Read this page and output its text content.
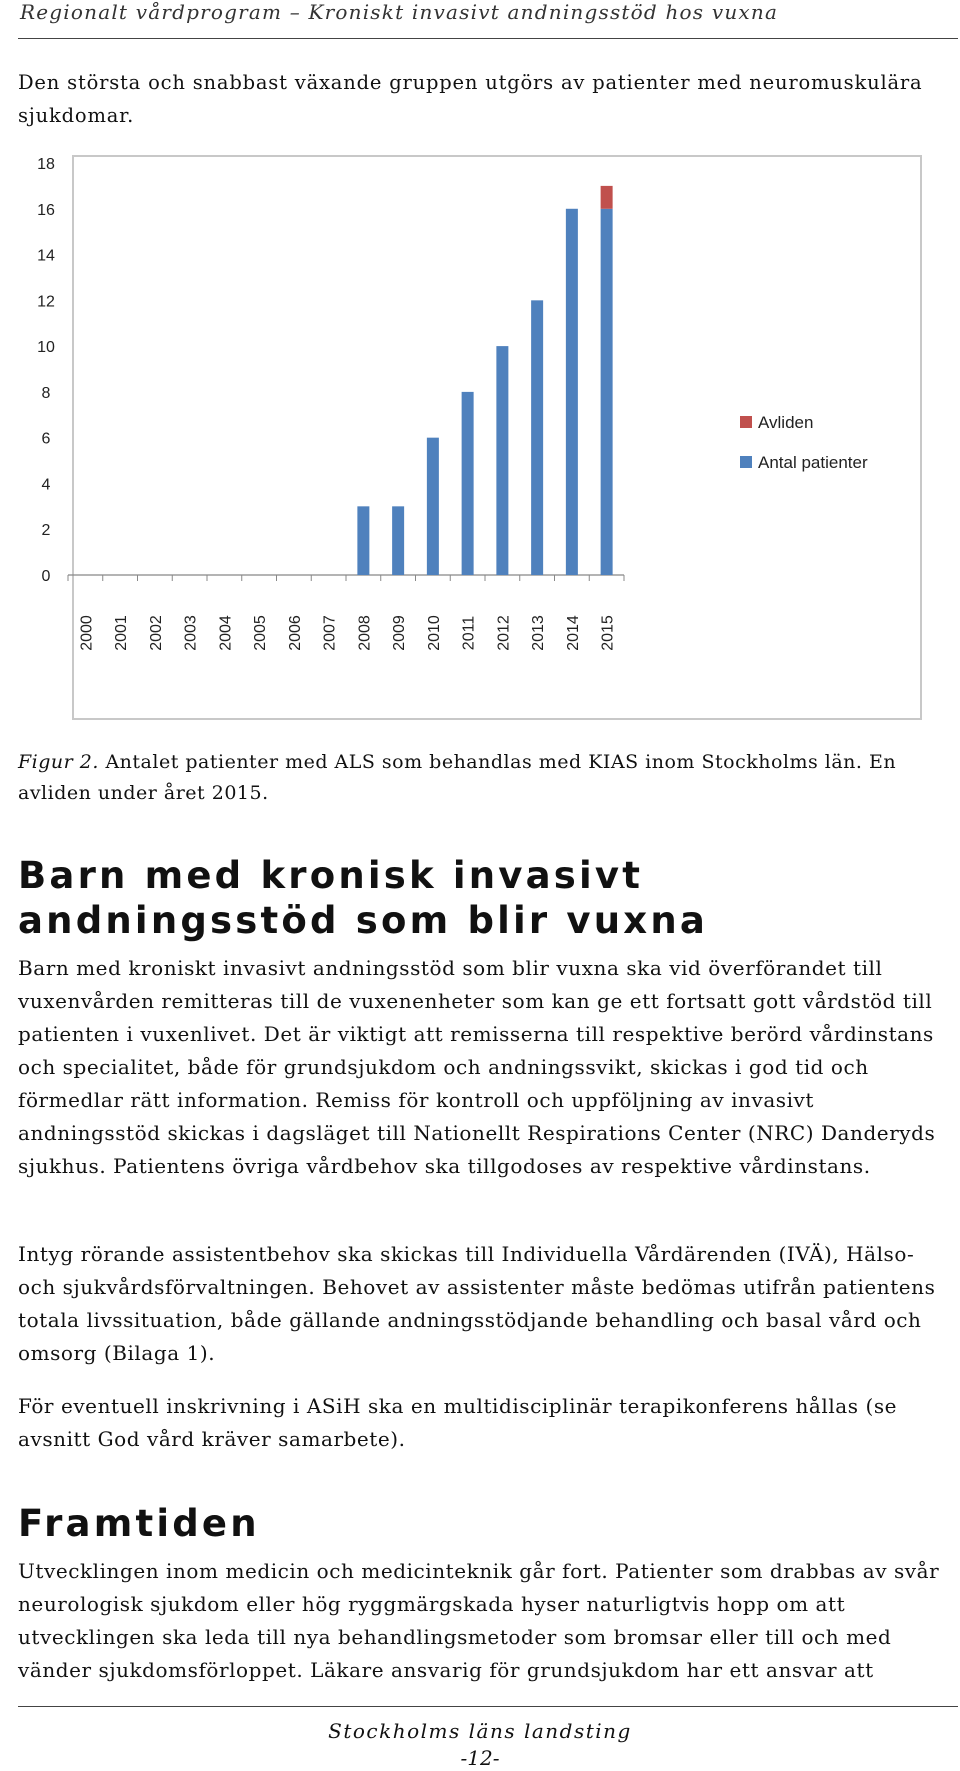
Regionalt vårdprogram – Kroniskt invasivt andningsstöd hos vuxna
Den största och snabbast växande gruppen utgörs av patienter med neuromuskulära sjukdomar.
0
2
4
6
8
10
12
14
16
18
2000 2001 2002 2003 2004 2005 2006 2007 2008 2009 2010 2011 2012 2013 2014 2015
Avliden
Antal patienter
Figur 2. Antalet patienter med ALS som behandlas med KIAS inom Stockholms län. En avliden under året 2015.
Barn med kronisk invasivt andningsstöd som blir vuxna

Barn med kroniskt invasivt andningsstöd som blir vuxna ska vid överförandet till vuxenvården remitteras till de vuxenenheter som kan ge ett fortsatt gott vårdstöd till patienten i vuxenlivet. Det är viktigt att remisserna till respektive berörd vårdinstans och specialitet, både för grundsjukdom och andningssvikt, skickas i god tid och förmedlar rätt information. Remiss för kontroll och uppföljning av invasivt andningsstöd skickas i dagsläget till Nationellt Respirations Center (NRC) Danderyds sjukhus. Patientens övriga vårdbehov ska tillgodoses av respektive vårdinstans.

Intyg rörande assistentbehov ska skickas till Individuella Vårdärenden (IVÄ), Hälso- och sjukvårdsförvaltningen. Behovet av assistenter måste bedömas utifrån patientens totala livssituation, både gällande andningsstödjande behandling och basal vård och omsorg (Bilaga 1).

För eventuell inskrivning i ASiH ska en multidisciplinär terapikonferens hållas (se avsnitt God vård kräver samarbete).

Framtiden

Utvecklingen inom medicin och medicinteknik går fort. Patienter som drabbas av svår neurologisk sjukdom eller hög ryggmärgskada hyser naturligtvis hopp om att utvecklingen ska leda till nya behandlingsmetoder som bromsar eller till och med vänder sjukdomsförloppet. Läkare ansvarig för grundsjukdom har ett ansvar att

Stockholms läns landsting
-12-
